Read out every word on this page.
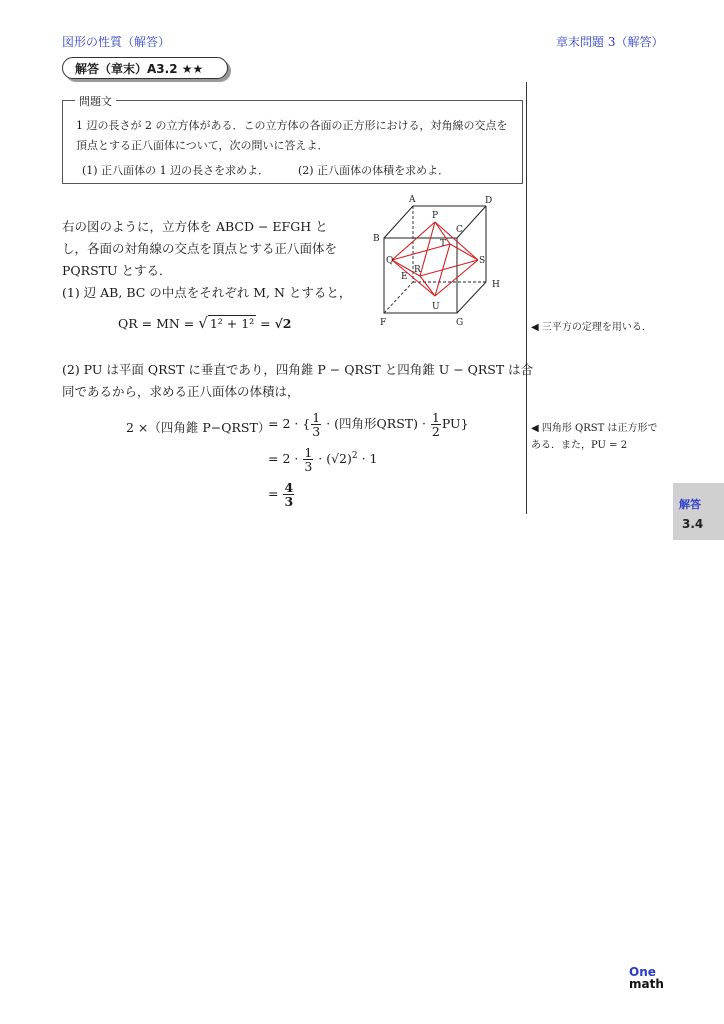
図形の性質（解答）	章末問題 3（解答）
解答（章末）A3.2 ★★
問題文
1 辺の長さが 2 の立方体がある．この立方体の各面の正方形における，対角線の交点を
頂点とする正八面体について，次の問いに答えよ．
(1) 正八面体の 1 辺の長さを求めよ．	(2) 正八面体の体積を求めよ．
右の図のように，立方体を ABCD − EFGH と
し，各面の対角線の交点を頂点とする正八面体を
PQRSTU とする．
(1) 辺 AB, BC の中点をそれぞれ M, N とすると，
QR = MN = √ 1² + 1² = √2
A	D
B
C
P
T
Q
E
R
S
H
U
F	G	◀ 三平方の定理を用いる．
(2) PU は平面 QRST に垂直であり，四角錐 P − QRST と四角錐 U − QRST は合
同であるから，求める正八面体の体積は，
2 ×（四角錐 P−QRST）
= 2 · { $\frac{1}{3}$ · (四角形QRST) · $\frac{1}{2} PU$}
= $2 \cdot \frac{1}{3} \cdot (√2)^2 \cdot 1$
= $\frac{4}{3}$
◀ 四角形 QRST は正方形で
ある．また，PU = 2
解答
3.4
One
math
